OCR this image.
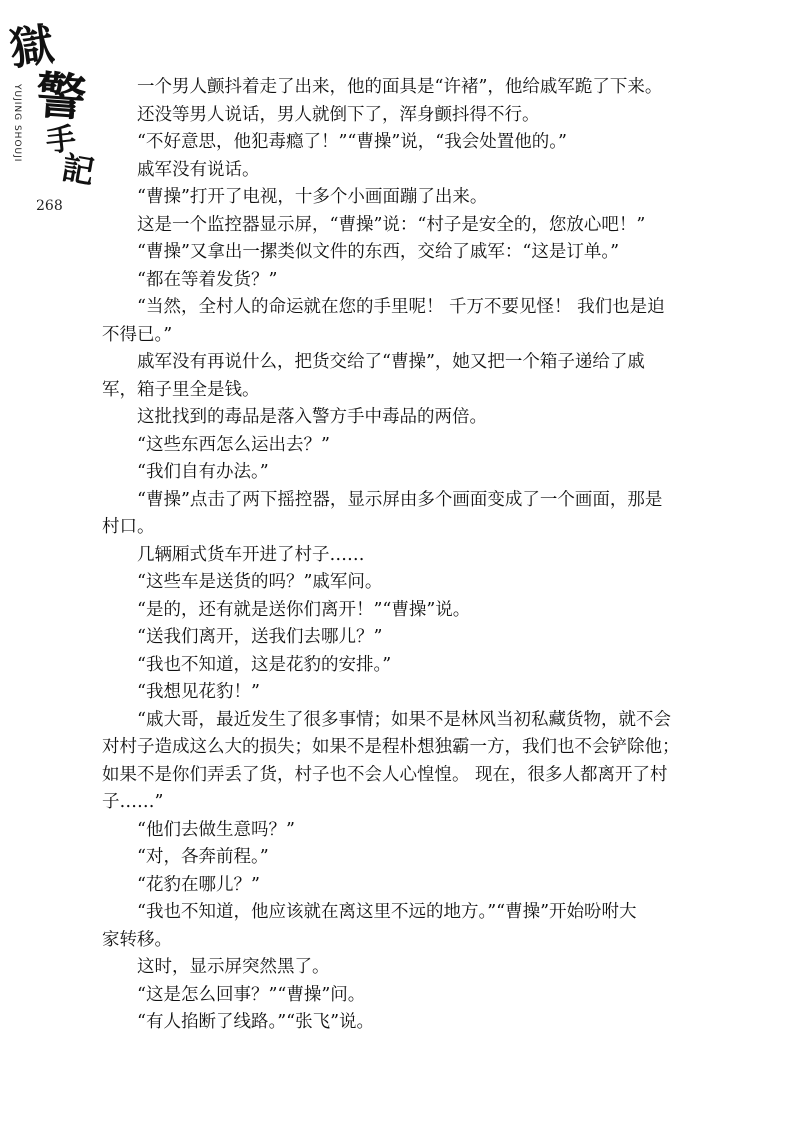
獄
警
手
記
YUJING SHOUJI
268
一个男人颤抖着走了出来，他的面具是“许褚”，他给戚军跪了下来。
还没等男人说话，男人就倒下了，浑身颤抖得不行。
“不好意思，他犯毒瘾了！”“曹操”说，“我会处置他的。”
戚军没有说话。
“曹操”打开了电视，十多个小画面蹦了出来。
这是一个监控器显示屏，“曹操”说：“村子是安全的，您放心吧！”
“曹操”又拿出一摞类似文件的东西，交给了戚军：“这是订单。”
“都在等着发货？”
“当然，全村人的命运就在您的手里呢！ 千万不要见怪！ 我们也是迫
不得已。”
戚军没有再说什么，把货交给了“曹操”，她又把一个箱子递给了戚
军，箱子里全是钱。
这批找到的毒品是落入警方手中毒品的两倍。
“这些东西怎么运出去？”
“我们自有办法。”
“曹操”点击了两下摇控器，显示屏由多个画面变成了一个画面，那是
村口。
几辆厢式货车开进了村子……
“这些车是送货的吗？”戚军问。
“是的，还有就是送你们离开！”“曹操”说。
“送我们离开，送我们去哪儿？”
“我也不知道，这是花豹的安排。”
“我想见花豹！”
“戚大哥，最近发生了很多事情；如果不是林风当初私藏货物，就不会
对村子造成这么大的损失；如果不是程朴想独霸一方，我们也不会铲除他；
如果不是你们弄丢了货，村子也不会人心惶惶。 现在，很多人都离开了村
子……”
“他们去做生意吗？”
“对，各奔前程。”
“花豹在哪儿？”
“我也不知道，他应该就在离这里不远的地方。”“曹操”开始吩咐大
家转移。
这时，显示屏突然黑了。
“这是怎么回事？”“曹操”问。
“有人掐断了线路。”“张飞”说。
